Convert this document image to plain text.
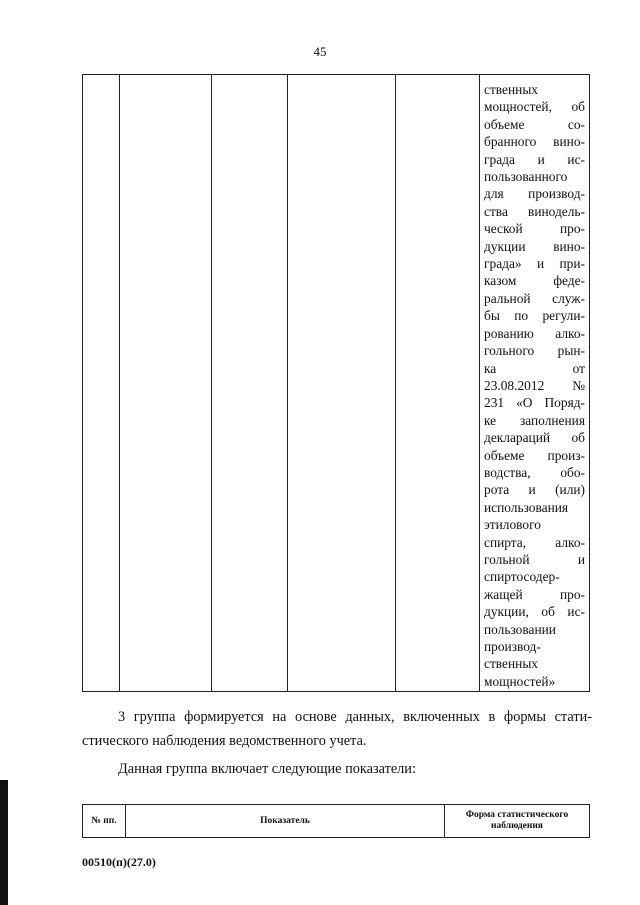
45
ственных
мощностей, об
объеме со-
бранного вино-
града и ис-
пользованного
для производ-
ства винодель-
ческой про-
дукции вино-
града» и при-
казом феде-
ральной служ-
бы по регули-
рованию алко-
гольного рын-
ка от
23.08.2012 №
231 «О Поряд-
ке заполнения
деклараций об
объеме произ-
водства, обо-
рота и (или)
использования
этилового
спирта, алко-
гольной и
спиртосодер-
жащей про-
дукции, об ис-
пользовании
производ-
ственных
мощностей»
3 группа формируется на основе данных, включенных в формы стати-
стического наблюдения ведомственного учета.
Данная группа включает следующие показатели:
№ пп.	Показатель
Форма статистического
наблюдения
00510(п)(27.0)
